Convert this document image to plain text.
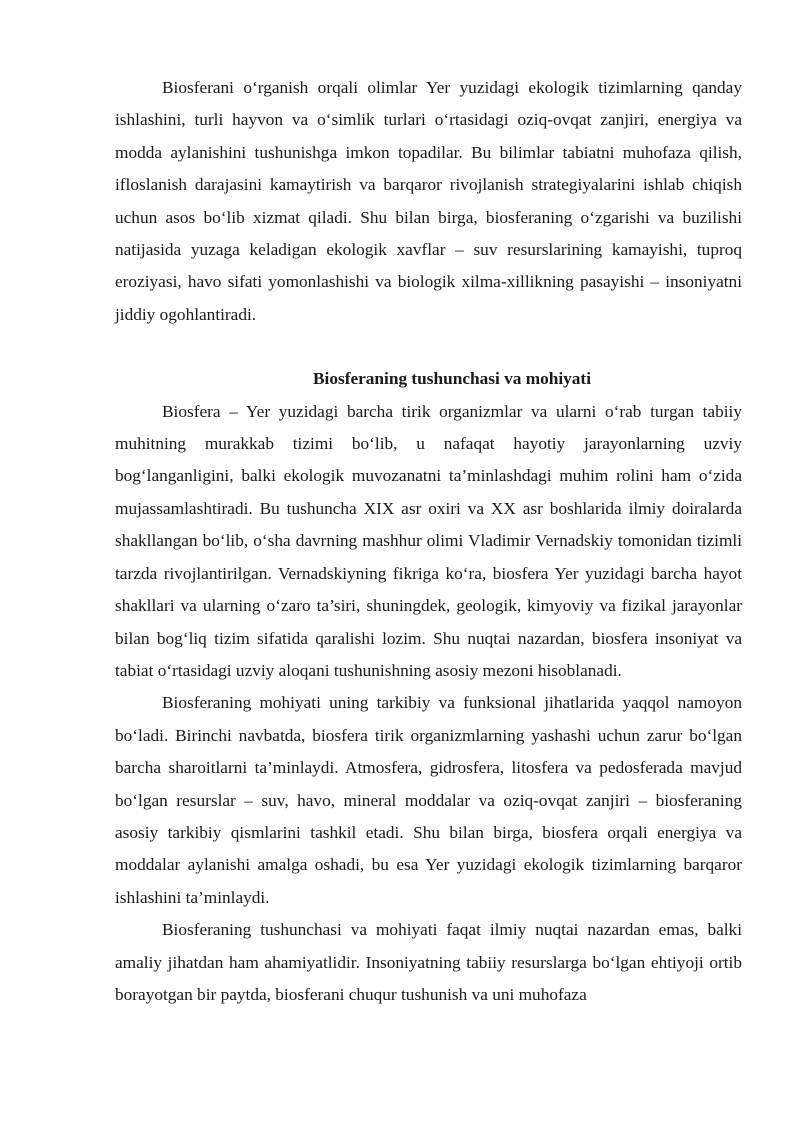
Biosferani o‘rganish orqali olimlar Yer yuzidagi ekologik tizimlarning qanday ishlashini, turli hayvon va o‘simlik turlari o‘rtasidagi oziq-ovqat zanjiri, energiya va modda aylanishini tushunishga imkon topadilar. Bu bilimlar tabiatni muhofaza qilish, ifloslanish darajasini kamaytirish va barqaror rivojlanish strategiyalarini ishlab chiqish uchun asos bo‘lib xizmat qiladi. Shu bilan birga, biosferaning o‘zgarishi va buzilishi natijasida yuzaga keladigan ekologik xavflar – suv resurslarining kamayishi, tuproq eroziyasi, havo sifati yomonlashishi va biologik xilma-xillikning pasayishi – insoniyatni jiddiy ogohlantiradi.

Biosferaning tushunchasi va mohiyati

Biosfera – Yer yuzidagi barcha tirik organizmlar va ularni o‘rab turgan tabiiy muhitning murakkab tizimi bo‘lib, u nafaqat hayotiy jarayonlarning uzviy bog‘langanligini, balki ekologik muvozanatni ta’minlashdagi muhim rolini ham o‘zida mujassamlashtiradi. Bu tushuncha XIX asr oxiri va XX asr boshlarida ilmiy doiralarda shakllangan bo‘lib, o‘sha davrning mashhur olimi Vladimir Vernadskiy tomonidan tizimli tarzda rivojlantirilgan. Vernadskiyning fikriga ko‘ra, biosfera Yer yuzidagi barcha hayot shakllari va ularning o‘zaro ta’siri, shuningdek, geologik, kimyoviy va fizikal jarayonlar bilan bog‘liq tizim sifatida qaralishi lozim. Shu nuqtai nazardan, biosfera insoniyat va tabiat o‘rtasidagi uzviy aloqani tushunishning asosiy mezoni hisoblanadi.

Biosferaning mohiyati uning tarkibiy va funksional jihatlarida yaqqol namoyon bo‘ladi. Birinchi navbatda, biosfera tirik organizmlarning yashashi uchun zarur bo‘lgan barcha sharoitlarni ta’minlaydi. Atmosfera, gidrosfera, litosfera va pedosferada mavjud bo‘lgan resurslar – suv, havo, mineral moddalar va oziq-ovqat zanjiri – biosferaning asosiy tarkibiy qismlarini tashkil etadi. Shu bilan birga, biosfera orqali energiya va moddalar aylanishi amalga oshadi, bu esa Yer yuzidagi ekologik tizimlarning barqaror ishlashini ta’minlaydi.

Biosferaning tushunchasi va mohiyati faqat ilmiy nuqtai nazardan emas, balki amaliy jihatdan ham ahamiyatlidir. Insoniyatning tabiiy resurslarga bo‘lgan ehtiyoji ortib borayotgan bir paytda, biosferani chuqur tushunish va uni muhofaza
